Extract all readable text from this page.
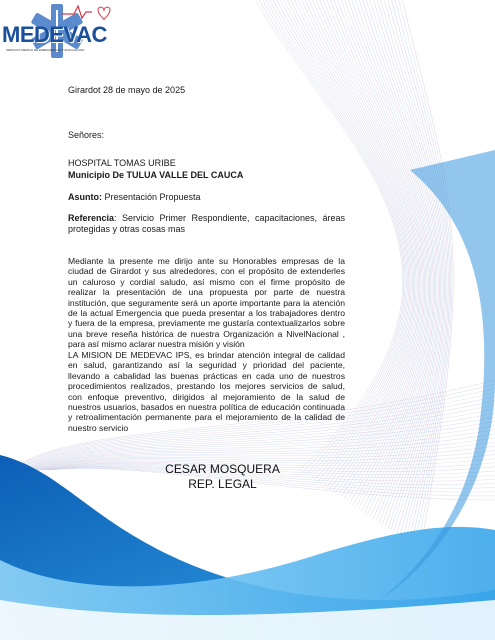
MEDEVAC
SERVICIO MEDICO DE EMERGENCIAS Y EVACUACION
Girardot 28 de mayo de 2025
Señores:
HOSPITAL TOMAS URIBE
Municipio De TULUA VALLE DEL CAUCA
Asunto: Presentación Propuesta
Referencia: Servicio Primer Respondiente, capacitaciones, áreas protegidas y otras cosas mas
Mediante la presente me dirijo ante su Honorables empresas de la ciudad de Girardot y sus alrededores, con el propósito de extenderles un caluroso y cordial saludo, así mismo con el firme propósito de realizar la presentación de una propuesta por parte de nuestra institución, que seguramente será un aporte importante para la atención de la actual Emergencia que pueda presentar a los trabajadores dentro y fuera de la empresa, previamente me gustaría contextualizarlos sobre una breve reseña histórica de nuestra Organización a NivelNacional , para así mismo aclarar nuestra misión y visión
LA MISION DE MEDEVAC IPS, es brindar atención integral de calidad en salud, garantizando así la seguridad y prioridad del paciente, llevando a cabalidad las buenas prácticas en cada uno de nuestros procedimientos realizados, prestando los mejores servicios de salud, con enfoque preventivo, dirigidos al mejoramiento de la salud de nuestros usuarios, basados en nuestra política de educación continuada y retroalimentación permanente para el mejoramiento de la calidad de nuestro servicio
CESAR MOSQUERA
REP. LEGAL
